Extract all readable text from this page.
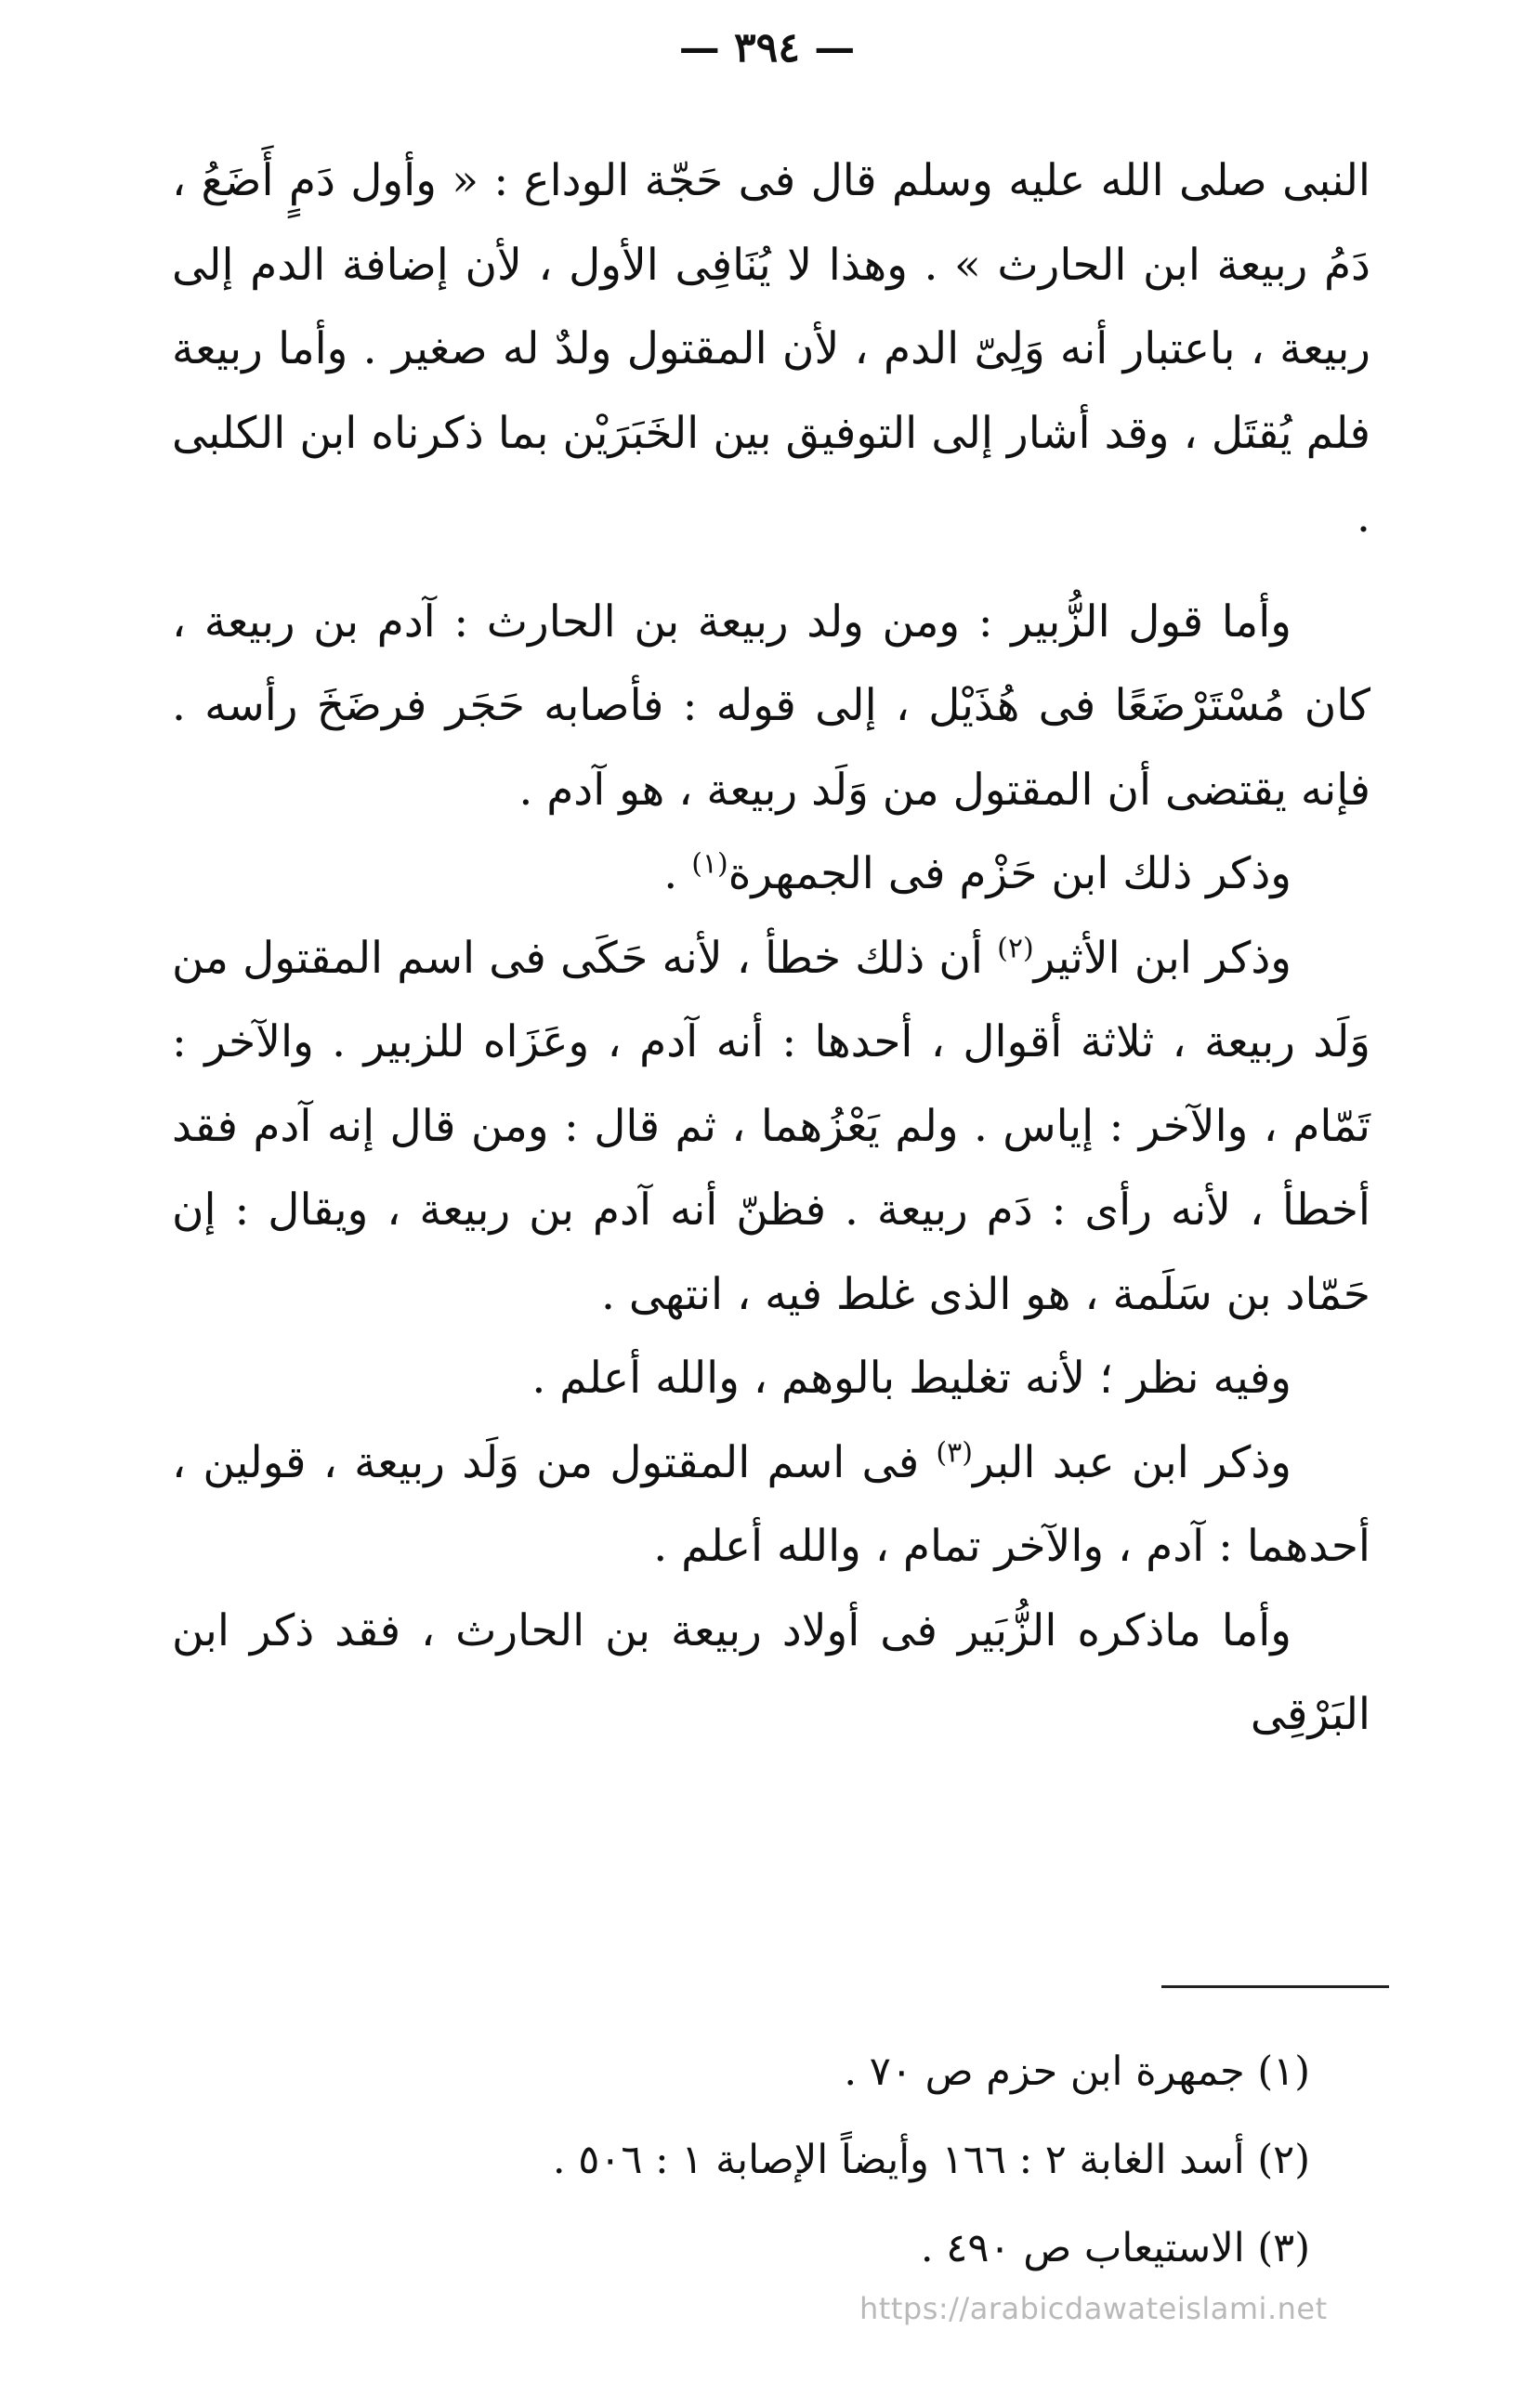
— ٣٩٤ —

النبى صلى الله عليه وسلم قال فى حَجّة الوداع : « وأول دَمٍ أَضَعُ ، دَمُ ربيعة ابن الحارث » . وهذا لا يُنَافِى الأول ، لأن إضافة الدم إلى ربيعة ، باعتبار أنه وَلِىّ الدم ، لأن المقتول ولدٌ له صغير . وأما ربيعة فلم يُقتَل ، وقد أشار إلى التوفيق بين الخَبَرَيْن بما ذكرناه ابن الكلبى .

وأما قول الزُّبير : ومن ولد ربيعة بن الحارث : آدم بن ربيعة ، كان مُسْتَرْضَعًا فى هُذَيْل ، إلى قوله : فأصابه حَجَر فرضَخَ رأسه . فإنه يقتضى أن المقتول من وَلَد ربيعة ، هو آدم .

وذكر ذلك ابن حَزْم فى الجمهرة$^{(١)}$ .

وذكر ابن الأثير$^{(٢)}$ أن ذلك خطأ ، لأنه حَكَى فى اسم المقتول من وَلَد ربيعة ، ثلاثة أقوال ، أحدها : أنه آدم ، وعَزَاه للزبير . والآخر : تَمّام ، والآخر : إياس . ولم يَعْزُهما ، ثم قال : ومن قال إنه آدم فقد أخطأ ، لأنه رأى : دَم ربيعة . فظنّ أنه آدم بن ربيعة ، ويقال : إن حَمّاد بن سَلَمة ، هو الذى غلط فيه ، انتهى .

وفيه نظر ؛ لأنه تغليط بالوهم ، والله أعلم .

وذكر ابن عبد البر$^{(٣)}$ فى اسم المقتول من وَلَد ربيعة ، قولين ، أحدهما : آدم ، والآخر تمام ، والله أعلم .

وأما ماذكره الزُّبَير فى أولاد ربيعة بن الحارث ، فقد ذكر ابن البَرْقِى

(١) جمهرة ابن حزم ص ٧٠ .

(٢) أسد الغابة ٢ : ١٦٦ وأيضاً الإصابة ١ : ٥٠٦ .

(٣) الاستيعاب ص ٤٩٠ .

https://arabicdawateislami.net
